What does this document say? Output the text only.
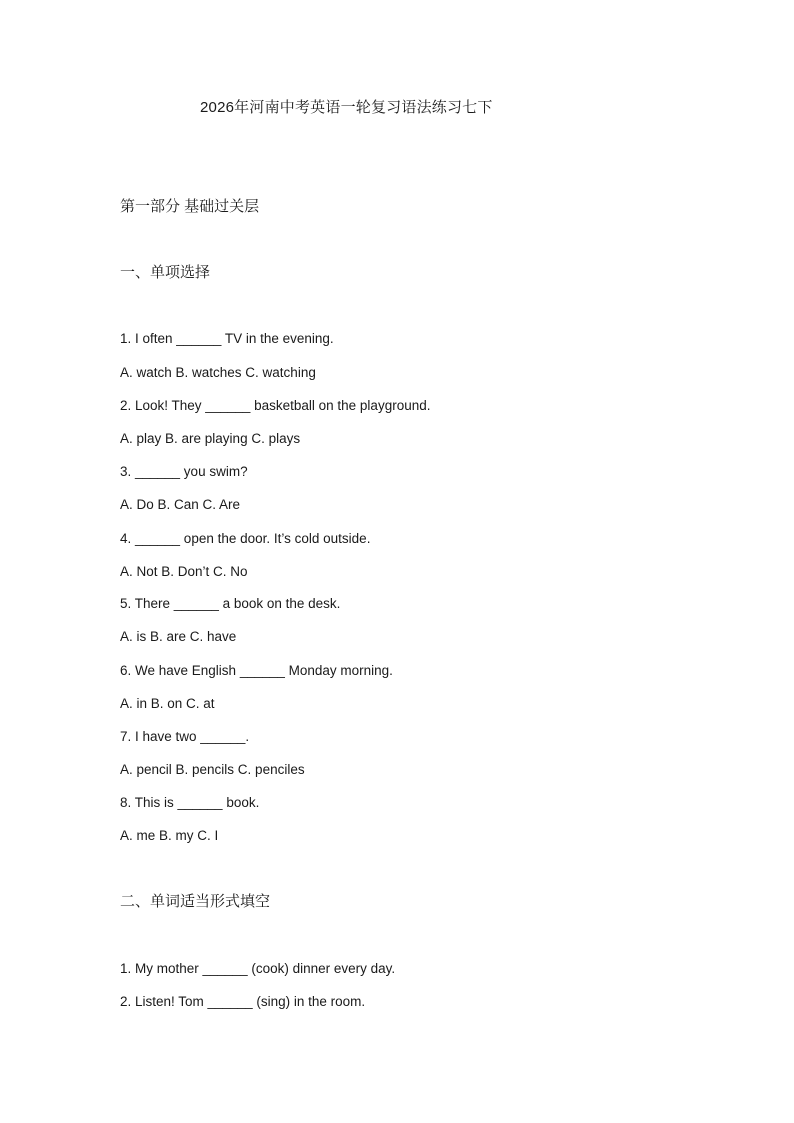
2026年河南中考英语一轮复习语法练习七下
第一部分 基础过关层
一、单项选择
1. I often ______ TV in the evening.
A. watch B. watches C. watching
2. Look! They ______ basketball on the playground.
A. play B. are playing C. plays
3. ______ you swim?
A. Do B. Can C. Are
4. ______ open the door. It’s cold outside.
A. Not B. Don’t C. No
5. There ______ a book on the desk.
A. is B. are C. have
6. We have English ______ Monday morning.
A. in B. on C. at
7. I have two ______.
A. pencil B. pencils C. penciles
8. This is ______ book.
A. me B. my C. I
二、单词适当形式填空
1. My mother ______ (cook) dinner every day.
2. Listen! Tom ______ (sing) in the room.
